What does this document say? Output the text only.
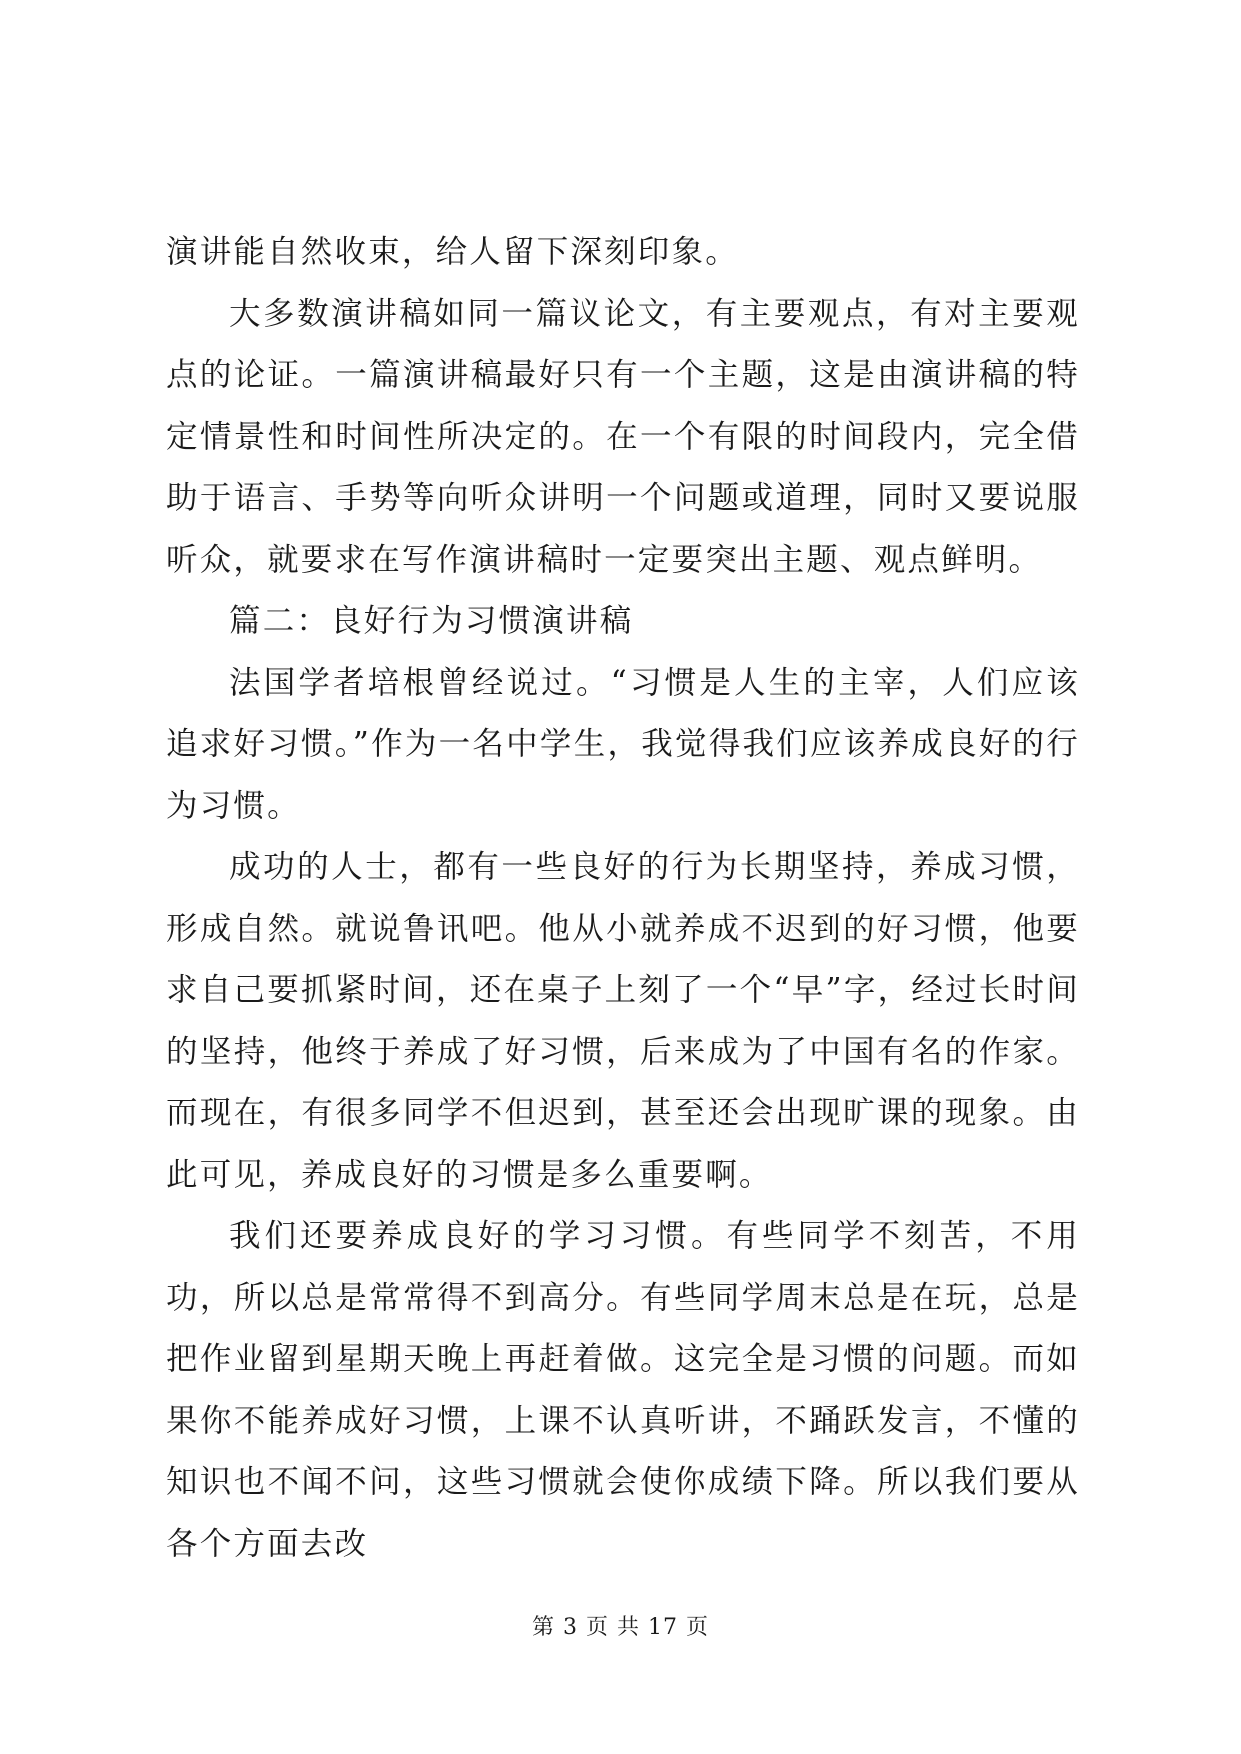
演讲能自然收束，给人留下深刻印象。

大多数演讲稿如同一篇议论文，有主要观点，有对主要观点的论证。一篇演讲稿最好只有一个主题，这是由演讲稿的特定情景性和时间性所决定的。在一个有限的时间段内，完全借助于语言、手势等向听众讲明一个问题或道理，同时又要说服听众，就要求在写作演讲稿时一定要突出主题、观点鲜明。

篇二：良好行为习惯演讲稿

法国学者培根曾经说过。“习惯是人生的主宰，人们应该追求好习惯。”作为一名中学生，我觉得我们应该养成良好的行为习惯。

成功的人士，都有一些良好的行为长期坚持，养成习惯，形成自然。就说鲁讯吧。他从小就养成不迟到的好习惯，他要求自己要抓紧时间，还在桌子上刻了一个“早”字，经过长时间的坚持，他终于养成了好习惯，后来成为了中国有名的作家。而现在，有很多同学不但迟到，甚至还会出现旷课的现象。由此可见，养成良好的习惯是多么重要啊。

我们还要养成良好的学习习惯。有些同学不刻苦，不用功，所以总是常常得不到高分。有些同学周末总是在玩，总是把作业留到星期天晚上再赶着做。这完全是习惯的问题。而如果你不能养成好习惯，上课不认真听讲，不踊跃发言，不懂的知识也不闻不问，这些习惯就会使你成绩下降。所以我们要从各个方面去改

第 3 页 共 17 页
